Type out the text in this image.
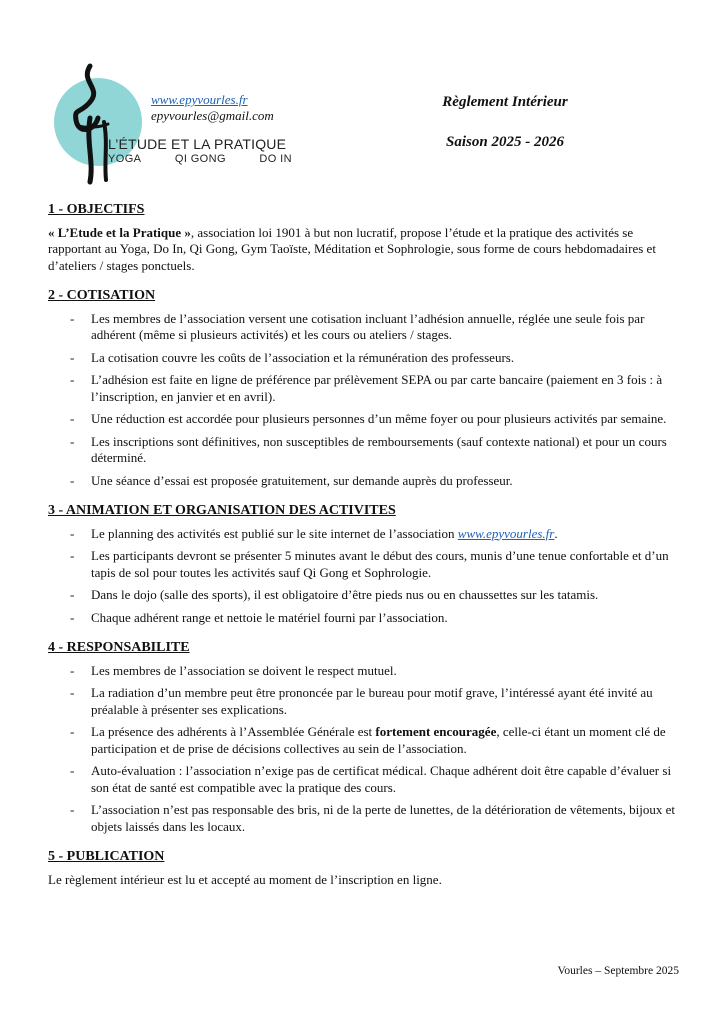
www.epyvourles.fr
epyvourles@gmail.com
L’ÉTUDE ET LA PRATIQUE
YOGA	QI GONG	DO IN
Règlement Intérieur
Saison 2025 - 2026
1 - OBJECTIFS

« L’Etude et la Pratique », association loi 1901 à but non lucratif, propose l’étude et la pratique des activités se rapportant au Yoga, Do In, Qi Gong, Gym Taoïste, Méditation et Sophrologie, sous forme de cours hebdomadaires et d’ateliers / stages ponctuels.

2 - COTISATION
- Les membres de l’association versent une cotisation incluant l’adhésion annuelle, réglée une seule fois par adhérent (même si plusieurs activités) et les cours ou ateliers / stages.
- La cotisation couvre les coûts de l’association et la rémunération des professeurs.
- L’adhésion est faite en ligne de préférence par prélèvement SEPA ou par carte bancaire (paiement en 3 fois : à l’inscription, en janvier et en avril).
- Une réduction est accordée pour plusieurs personnes d’un même foyer ou pour plusieurs activités par semaine.
- Les inscriptions sont définitives, non susceptibles de remboursements (sauf contexte national) et pour un cours déterminé.
- Une séance d’essai est proposée gratuitement, sur demande auprès du professeur.
3 - ANIMATION ET ORGANISATION DES ACTIVITES
- Le planning des activités est publié sur le site internet de l’association www.epyvourles.fr.
- Les participants devront se présenter 5 minutes avant le début des cours, munis d’une tenue confortable et d’un tapis de sol pour toutes les activités sauf Qi Gong et Sophrologie.
- Dans le dojo (salle des sports), il est obligatoire d’être pieds nus ou en chaussettes sur les tatamis.
- Chaque adhérent range et nettoie le matériel fourni par l’association.
4 - RESPONSABILITE
- Les membres de l’association se doivent le respect mutuel.
- La radiation d’un membre peut être prononcée par le bureau pour motif grave, l’intéressé ayant été invité au préalable à présenter ses explications.
- La présence des adhérents à l’Assemblée Générale est fortement encouragée, celle-ci étant un moment clé de participation et de prise de décisions collectives au sein de l’association.
- Auto-évaluation : l’association n’exige pas de certificat médical. Chaque adhérent doit être capable d’évaluer si son état de santé est compatible avec la pratique des cours.
- L’association n’est pas responsable des bris, ni de la perte de lunettes, de la détérioration de vêtements, bijoux et objets laissés dans les locaux.
5 - PUBLICATION

Le règlement intérieur est lu et accepté au moment de l’inscription en ligne.

Vourles – Septembre 2025
